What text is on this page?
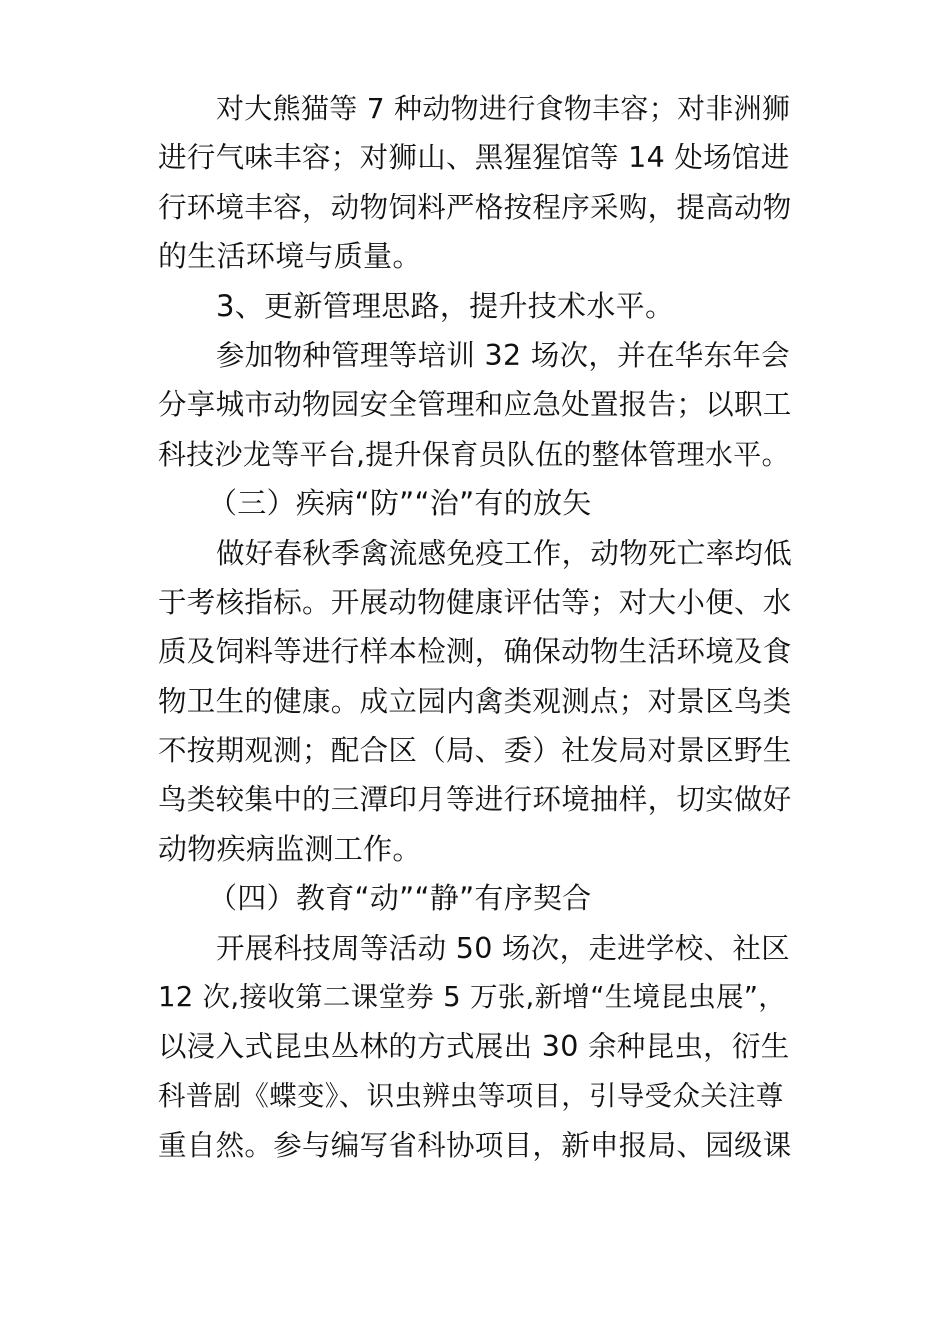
对大熊猫等 7 种动物进行食物丰容；对非洲狮
进行气味丰容；对狮山、黑猩猩馆等 14 处场馆进
行环境丰容，动物饲料严格按程序采购，提高动物
的生活环境与质量。
3、更新管理思路，提升技术水平。
参加物种管理等培训 32 场次，并在华东年会
分享城市动物园安全管理和应急处置报告；以职工
科技沙龙等平台,提升保育员队伍的整体管理水平。
（三）疾病“防”“治”有的放矢
做好春秋季禽流感免疫工作，动物死亡率均低
于考核指标。开展动物健康评估等；对大小便、水
质及饲料等进行样本检测，确保动物生活环境及食
物卫生的健康。成立园内禽类观测点；对景区鸟类
不按期观测；配合区（局、委）社发局对景区野生
鸟类较集中的三潭印月等进行环境抽样，切实做好
动物疾病监测工作。
（四）教育“动”“静”有序契合
开展科技周等活动 50 场次，走进学校、社区
12 次,接收第二课堂券 5 万张,新增“生境昆虫展”，
以浸入式昆虫丛林的方式展出 30 余种昆虫，衍生
科普剧《蝶变》、识虫辨虫等项目，引导受众关注尊
重自然。参与编写省科协项目，新申报局、园级课
